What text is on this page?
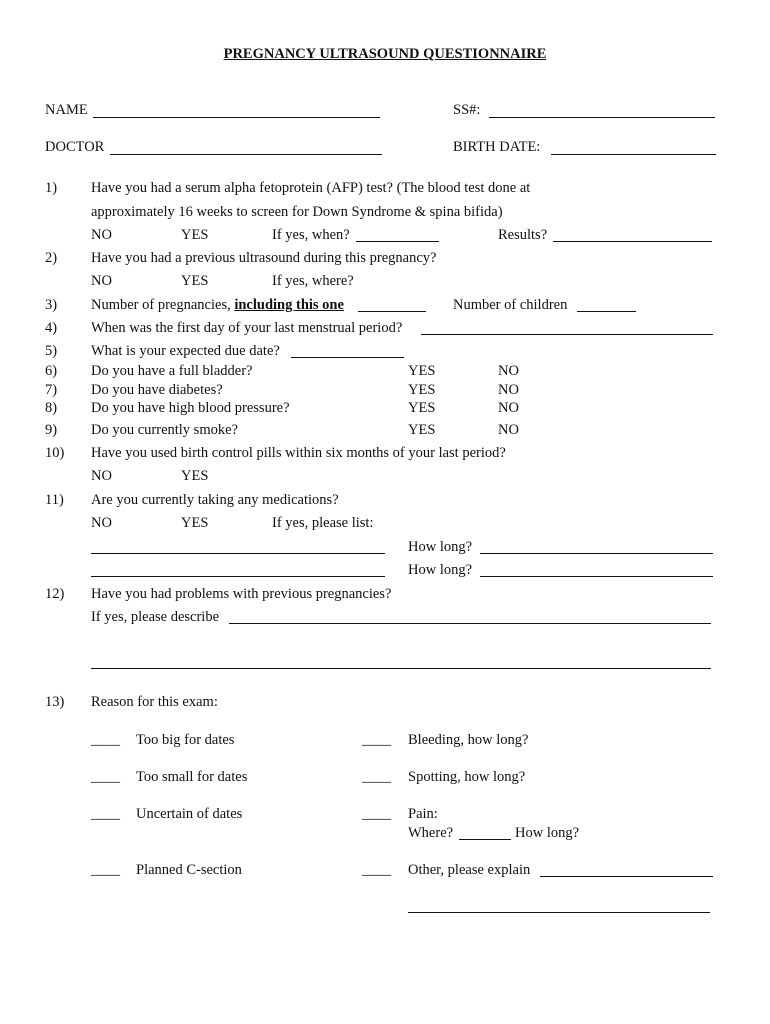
PREGNANCY ULTRASOUND QUESTIONNAIRE
NAME	SS#:
DOCTOR	BIRTH DATE:
1) Have you had a serum alpha fetoprotein (AFP) test? (The blood test done at
approximately 16 weeks to screen for Down Syndrome & spina bifida)
NO	YES	If yes, when?	Results?
2) Have you had a previous ultrasound during this pregnancy?
NO	YES	If yes, where?
3) Number of pregnancies, including this one	Number of children
4) When was the first day of your last menstrual period?
5) What is your expected due date?
6) Do you have a full bladder?	YES	NO
7) Do you have diabetes?	YES	NO
8) Do you have high blood pressure?	YES	NO
9) Do you currently smoke?	YES	NO
10) Have you used birth control pills within six months of your last period?
NO	YES
11) Are you currently taking any medications?
NO	YES	If yes, please list:
How long?
How long?
12) Have you had problems with previous pregnancies?
If yes, please describe
13) Reason for this exam:
____ Too big for dates	____ Bleeding, how long?
____ Too small for dates	____ Spotting, how long?
____ Uncertain of dates	____ Pain:
Where?	How long?
____ Planned C-section	____ Other, please explain
